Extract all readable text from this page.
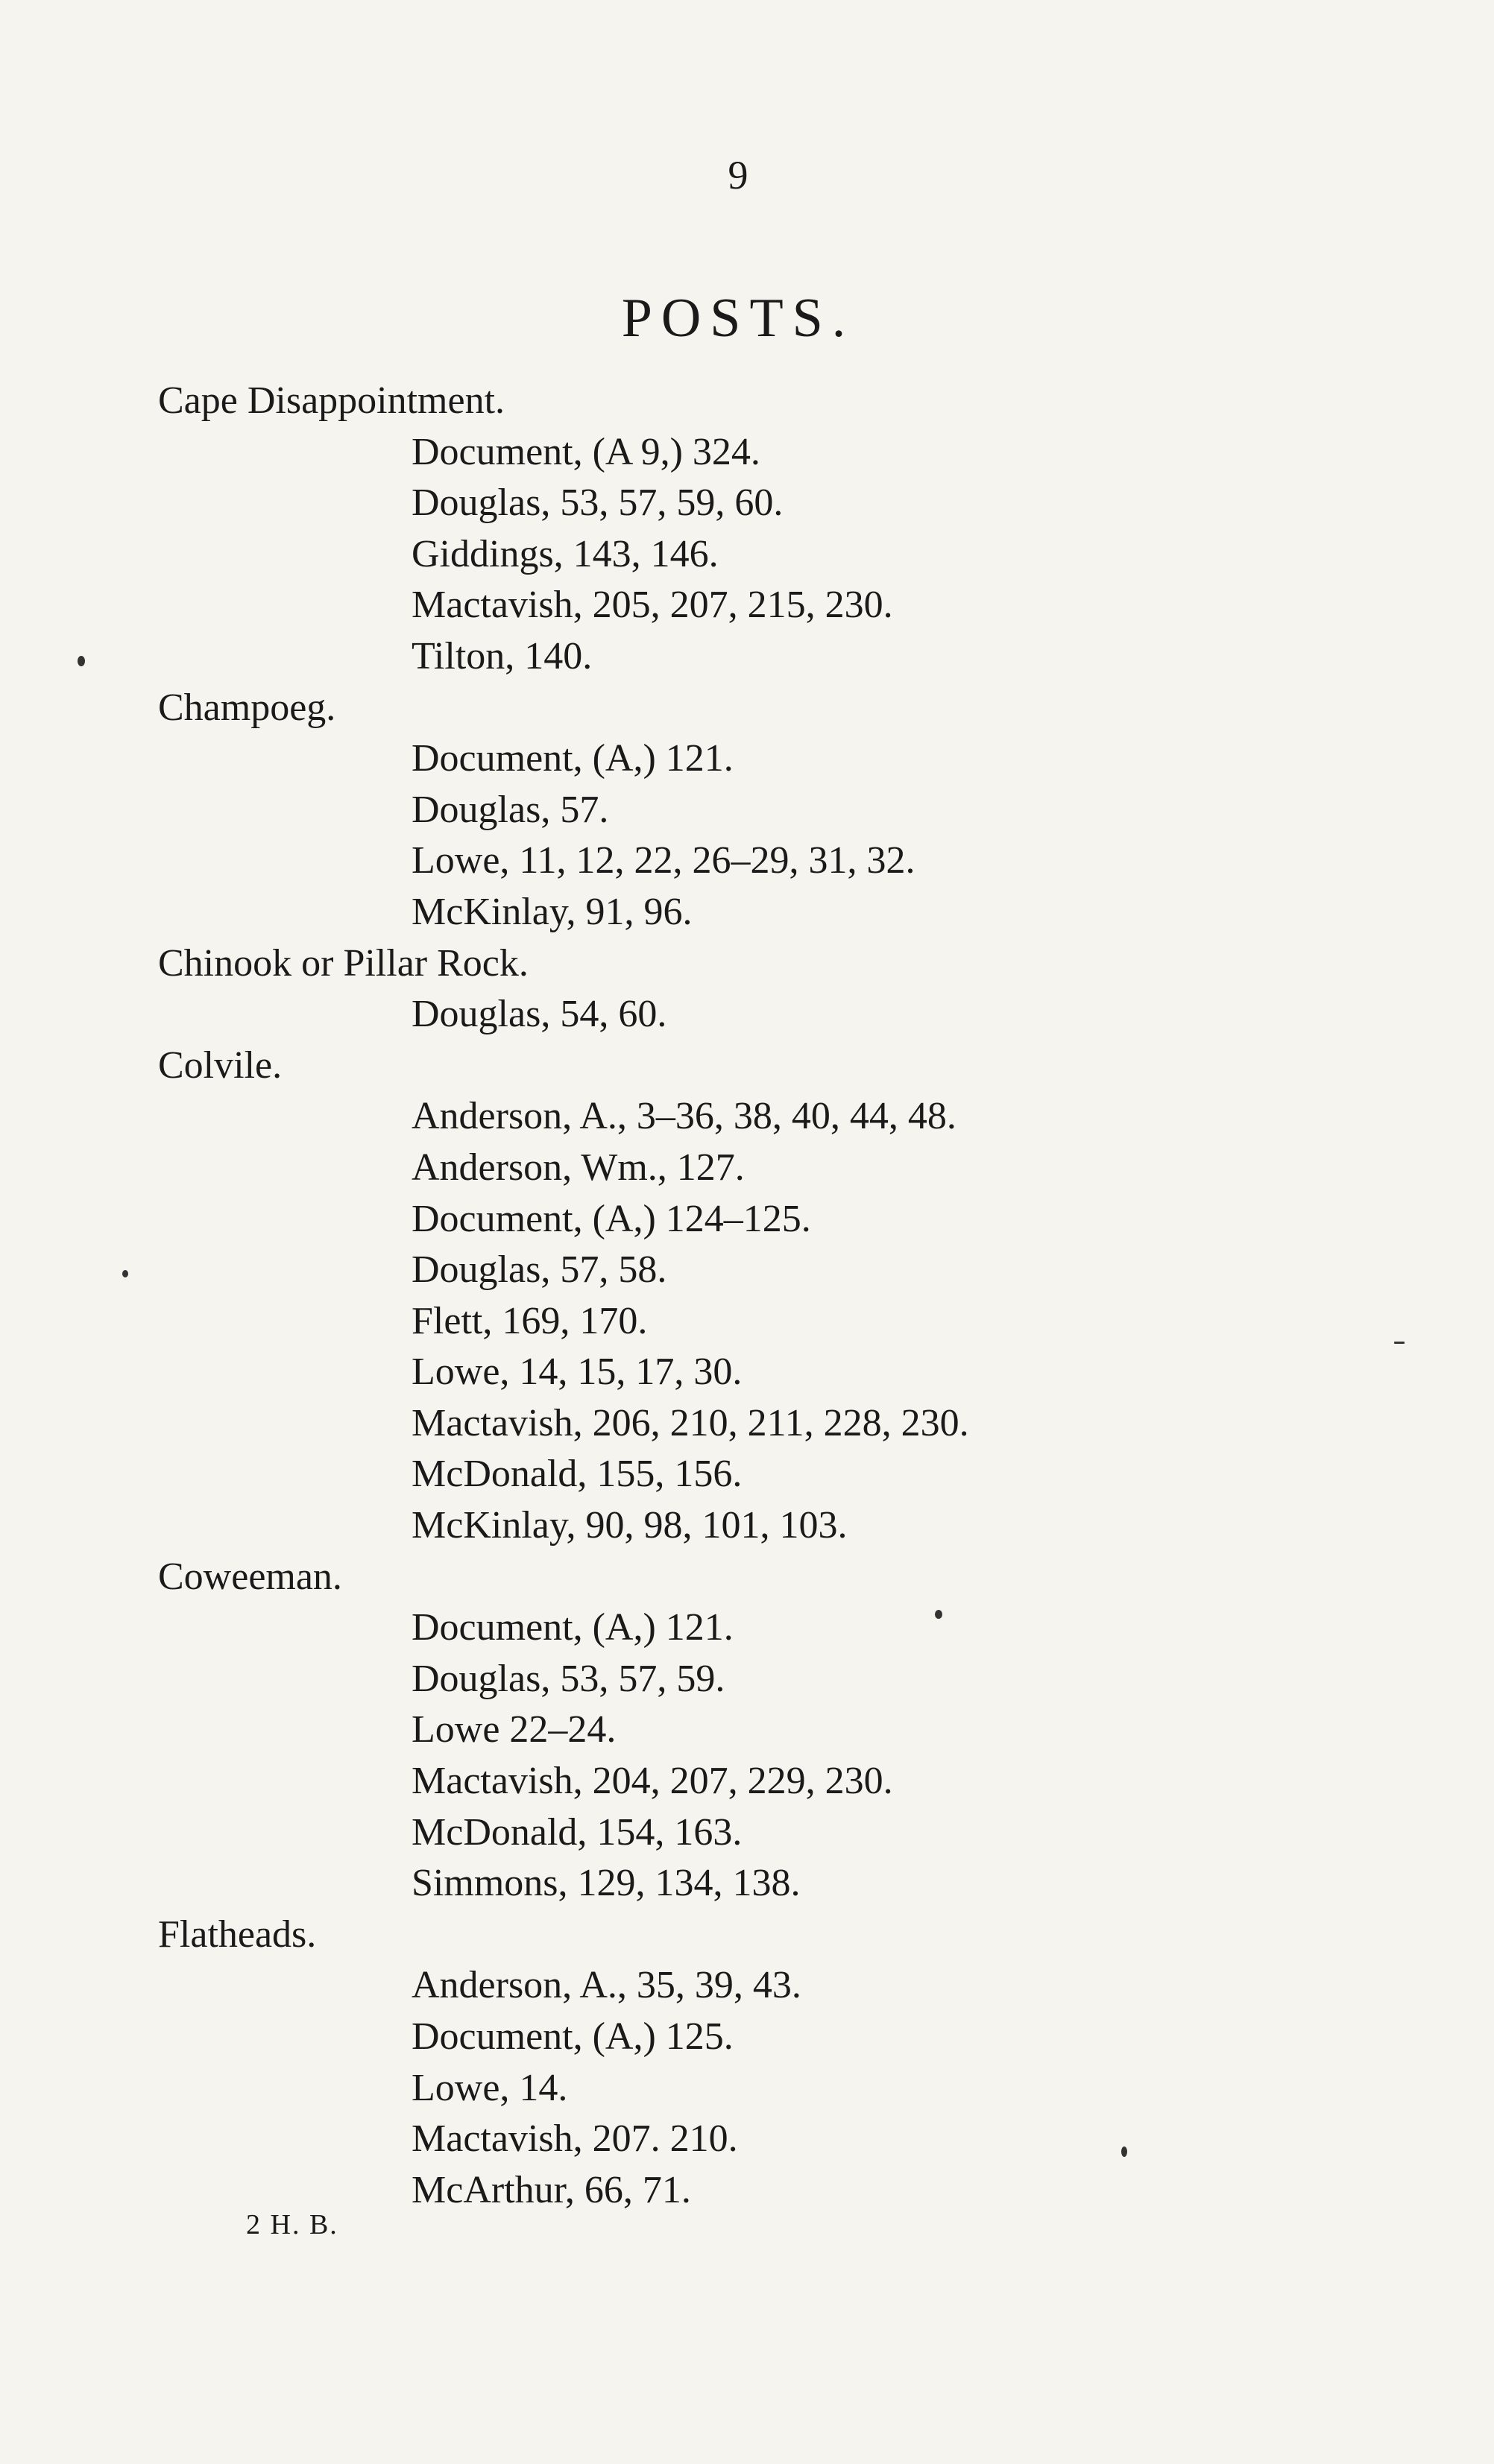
9
POSTS.
Cape Disappointment.
Document, (A 9,) 324.
Douglas, 53, 57, 59, 60.
Giddings, 143, 146.
Mactavish, 205, 207, 215, 230.
Tilton, 140.
Champoeg.
Document, (A,) 121.
Douglas, 57.
Lowe, 11, 12, 22, 26–29, 31, 32.
McKinlay, 91, 96.
Chinook or Pillar Rock.
Douglas, 54, 60.
Colvile.
Anderson, A., 3–36, 38, 40, 44, 48.
Anderson, Wm., 127.
Document, (A,) 124–125.
Douglas, 57, 58.
Flett, 169, 170.
Lowe, 14, 15, 17, 30.
Mactavish, 206, 210, 211, 228, 230.
McDonald, 155, 156.
McKinlay, 90, 98, 101, 103.
Coweeman.
Document, (A,) 121.
Douglas, 53, 57, 59.
Lowe 22–24.
Mactavish, 204, 207, 229, 230.
McDonald, 154, 163.
Simmons, 129, 134, 138.
Flatheads.
Anderson, A., 35, 39, 43.
Document, (A,) 125.
Lowe, 14.
Mactavish, 207. 210.
McArthur, 66, 71.
2 H. B.
